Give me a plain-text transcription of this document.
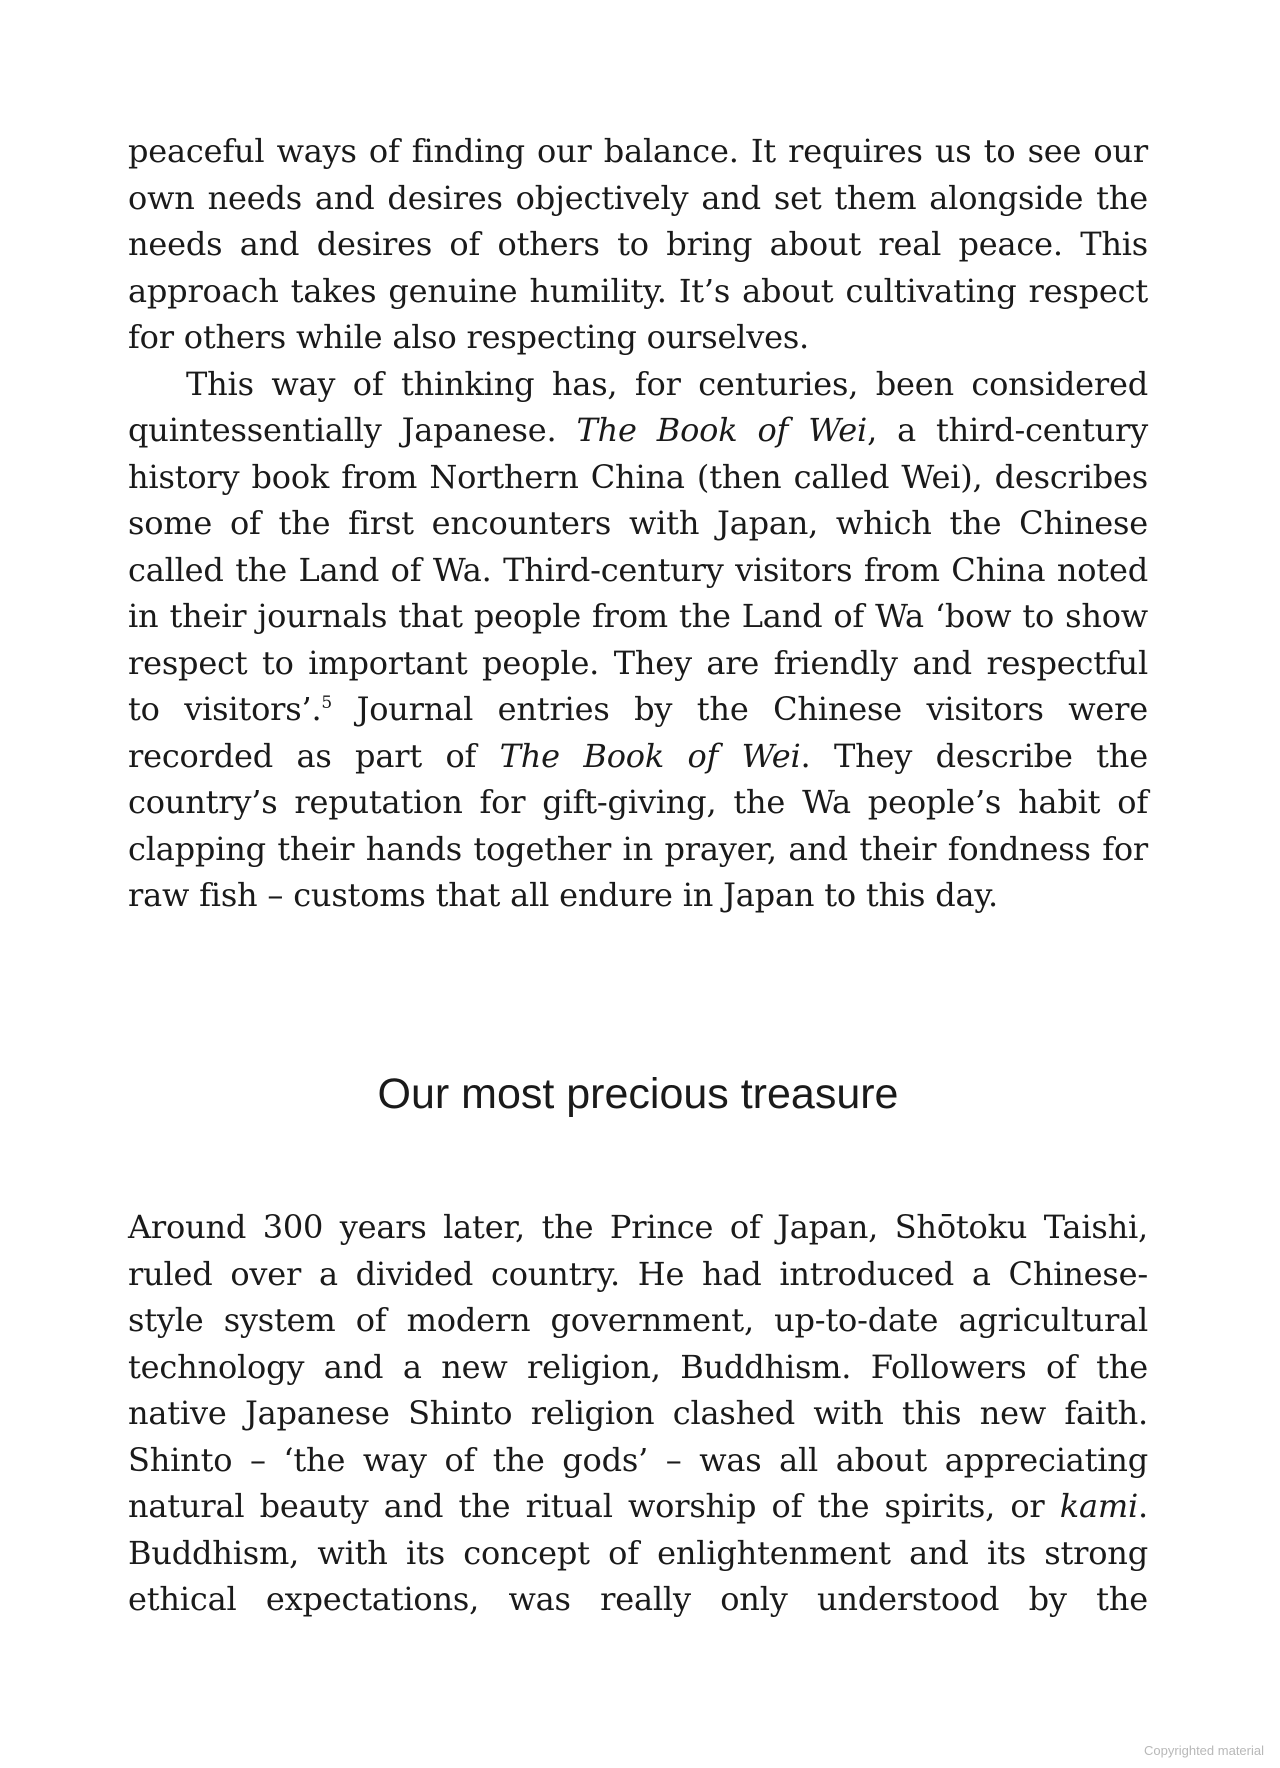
peaceful ways of finding our balance. It requires us to see our own needs and desires objectively and set them alongside the needs and desires of others to bring about real peace. This approach takes genuine humility. It’s about cultivating respect for others while also respecting ourselves.

This way of thinking has, for centuries, been considered quintessentially Japanese. The Book of Wei, a third-century history book from Northern China (then called Wei), describes some of the first encounters with Japan, which the Chinese called the Land of Wa. Third-century visitors from China noted in their journals that people from the Land of Wa ‘bow to show respect to important people. They are friendly and respectful to visitors’.$^5$ Journal entries by the Chinese visitors were recorded as part of The Book of Wei. They describe the country’s reputation for gift-giving, the Wa people’s habit of clapping their hands together in prayer, and their fondness for raw fish – customs that all endure in Japan to this day.

Our most precious treasure

Around 300 years later, the Prince of Japan, Shōtoku Taishi, ruled over a divided country. He had introduced a Chinese-style system of modern government, up-to-date agricultural technology and a new religion, Buddhism. Followers of the native Japanese Shinto religion clashed with this new faith. Shinto – ‘the way of the gods’ – was all about appreciating natural beauty and the ritual worship of the spirits, or kami. Buddhism, with its concept of enlightenment and its strong ethical expectations, was really only understood by the

Copyrighted material
